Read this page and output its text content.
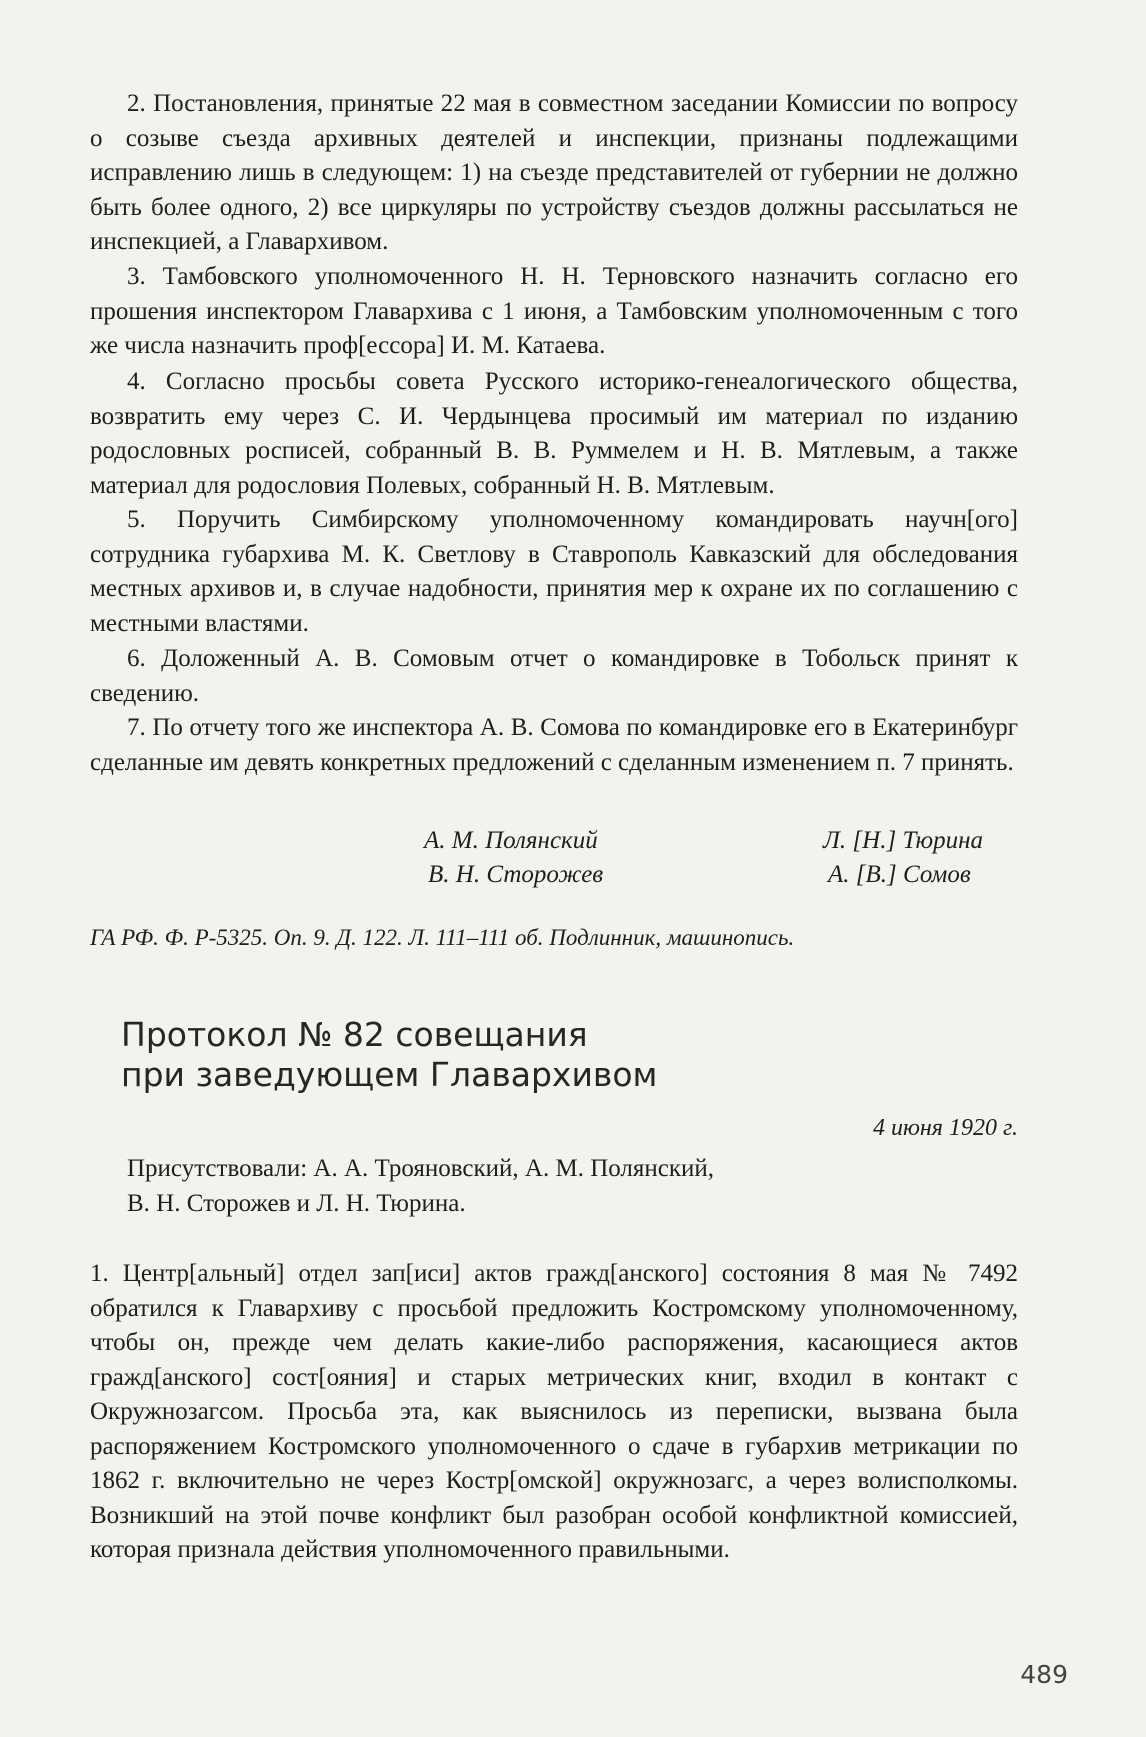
2. Постановления, принятые 22 мая в совместном заседании Комиссии по вопросу о созыве съезда архивных деятелей и инспекции, признаны подлежащими исправлению лишь в следующем: 1) на съезде представителей от губернии не должно быть более одного, 2) все циркуляры по устройству съездов должны рассылаться не инспекцией, а Главархивом.

3. Тамбовского уполномоченного Н. Н. Терновского назначить согласно его прошения инспектором Главархива с 1 июня, а Тамбовским уполномоченным с того же числа назначить проф[ессора] И. М. Катаева.

4. Согласно просьбы совета Русского историко-генеалогического общества, возвратить ему через С. И. Чердынцева просимый им материал по изданию родословных росписей, собранный В. В. Руммелем и Н. В. Мятлевым, а также материал для родословия Полевых, собранный Н. В. Мятлевым.

5. Поручить Симбирскому уполномоченному командировать научн[ого] сотрудника губархива М. К. Светлову в Ставрополь Кавказский для обследования местных архивов и, в случае надобности, принятия мер к охране их по соглашению с местными властями.

6. Доложенный А. В. Сомовым отчет о командировке в Тобольск принят к сведению.

7. По отчету того же инспектора А. В. Сомова по командировке его в Екатеринбург сделанные им девять конкретных предложений с сделанным изменением п. 7 принять.

А. М. Полянский	Л. [Н.] Тюрина
В. Н. Сторожев	А. [В.] Сомов
ГА РФ. Ф. Р-5325. Оп. 9. Д. 122. Л. 111–111 об. Подлинник, машинопись.
Протокол № 82 совещания
при заведующем Главархивом
4 июня 1920 г.

Присутствовали: А. А. Трояновский, А. М. Полянский,
В. Н. Сторожев и Л. Н. Тюрина.

1. Центр[альный] отдел зап[иси] актов гражд[анского] состояния 8 мая № 7492 обратился к Главархиву с просьбой предложить Костромскому уполномоченному, чтобы он, прежде чем делать какие-либо распоряжения, касающиеся актов гражд[анского] сост[ояния] и старых метрических книг, входил в контакт с Окружнозагсом. Просьба эта, как выяснилось из переписки, вызвана была распоряжением Костромского уполномоченного о сдаче в губархив метрикации по 1862 г. включительно не через Костр[омской] окружнозагс, а через волисполкомы. Возникший на этой почве конфликт был разобран особой конфликтной комиссией, которая признала действия уполномоченного правильными.

489
